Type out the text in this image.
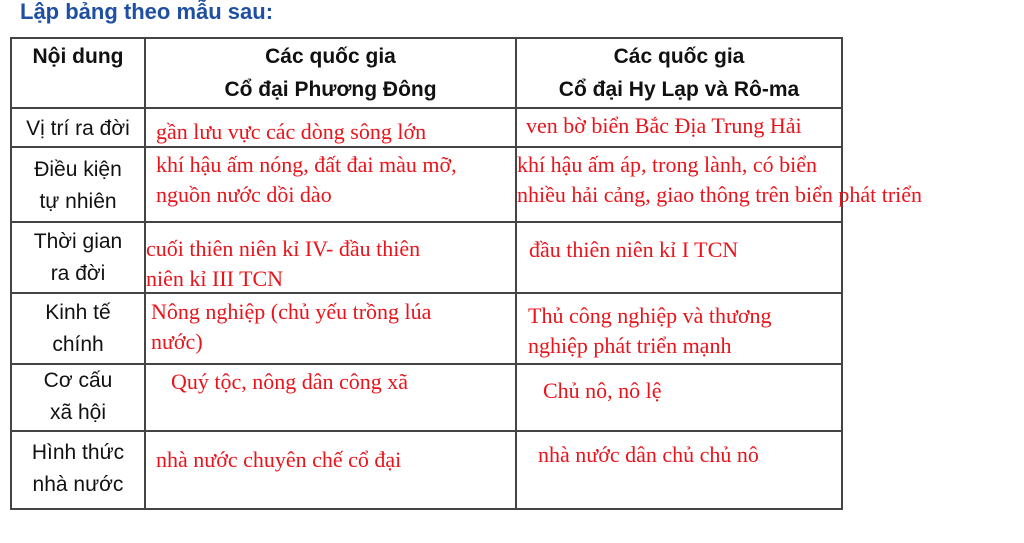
Lập bảng theo mẫu sau:
Nội dung	Các quốc gia
Cổ đại Phương Đông
Các quốc gia
Cổ đại Hy Lạp và Rô-ma
Vị trí ra đời
Điều kiện
tự nhiên
Thời gian
ra đời
Kinh tế
chính
Cơ cấu
xã hội
Hình thức
nhà nước
gần lưu vực các dòng sông lớn
khí hậu ấm nóng, đất đai màu mỡ,
nguồn nước dồi dào
cuối thiên niên kỉ IV- đầu thiên
niên kỉ III TCN
Nông nghiệp (chủ yếu trồng lúa
nước)
Quý tộc, nông dân công xã
nhà nước chuyên chế cổ đại
ven bờ biển Bắc Địa Trung Hải
khí hậu ấm áp, trong lành, có biển
nhiều hải cảng, giao thông trên biển phát triển
đầu thiên niên kỉ I TCN
Thủ công nghiệp và thương
nghiệp phát triển mạnh
Chủ nô, nô lệ
nhà nước dân chủ chủ nô
